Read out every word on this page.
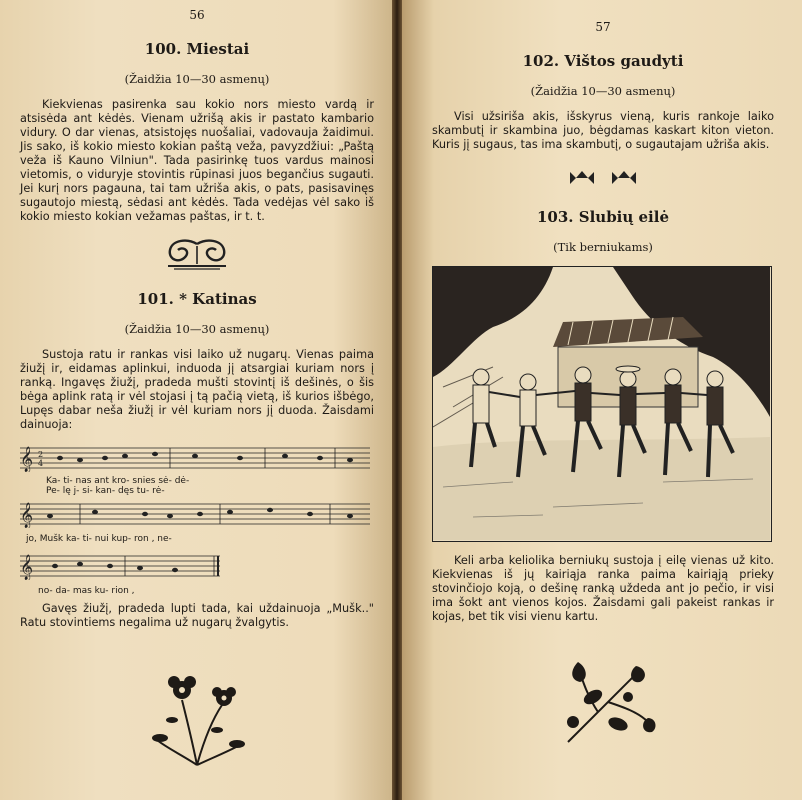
56
100. Miestai
(Žaidžia 10—30 asmenų)

Kiekvienas pasirenka sau kokio nors miesto vardą ir atsisėda ant kėdės. Vienam užrišą akis ir pastato kambario vidury. O dar vienas, atsistojęs nuošaliai, vadovauja žaidimui. Jis sako, iš kokio miesto kokian paštą veža, pavyzdžiui: „Paštą veža iš Kauno Vilniun". Tada pasirinkę tuos vardus mainosi vietomis, o viduryje stovintis rūpinasi juos begančius sugauti. Jei kurį nors pagauna, tai tam užriša akis, o pats, pasisavinęs sugautojo miestą, sėdasi ant kėdės. Tada vedėjas vėl sako iš kokio miesto kokian vežamas paštas, ir t. t.

101. * Katinas
(Žaidžia 10—30 asmenų)

Sustoja ratu ir rankas visi laiko už nugarų. Vienas paima žiužį ir, eidamas aplinkui, induoda jį atsargiai kuriam nors į ranką. Ingavęs žiužį, pradeda mušti stovintį iš dešinės, o šis bėga aplink ratą ir vėl stojasi į tą pačią vietą, iš kurios išbėgo, Lupęs dabar neša žiužį ir vėl kuriam nors jį duoda. Žaisdami dainuoja:

𝄞 2
4
Ka- ti- nas ant kro- snies sė- dė-
Pe- lę j- si- kan- dęs tu- rė-
𝄞
jo, Mušk ka- ti- nui kup- ron , ne-
𝄞
no- da- mas ku- rion ,

Gavęs žiužį, pradeda lupti tada, kai uždainuoja „Mušk.." Ratu stovintiems negalima už nugarų žvalgytis.

57
102. Vištos gaudyti
(Žaidžia 10—30 asmenų)

Visi užsiriša akis, išskyrus vieną, kuris rankoje laiko skambutį ir skambina juo, bėgdamas kaskart kiton vieton. Kuris jį sugaus, tas ima skambutį, o sugautajam užriša akis.

103. Slubių eilė
(Tik berniukams)

Keli arba keliolika berniukų sustoja į eilę vienas už kito. Kiekvienas iš jų kairiąja ranka paima kairiąją prieky stovinčiojo koją, o dešinę ranką uždeda ant jo pečio, ir visi ima šokt ant vienos kojos. Žaisdami gali pakeist rankas ir kojas, bet tik visi vienu kartu.
